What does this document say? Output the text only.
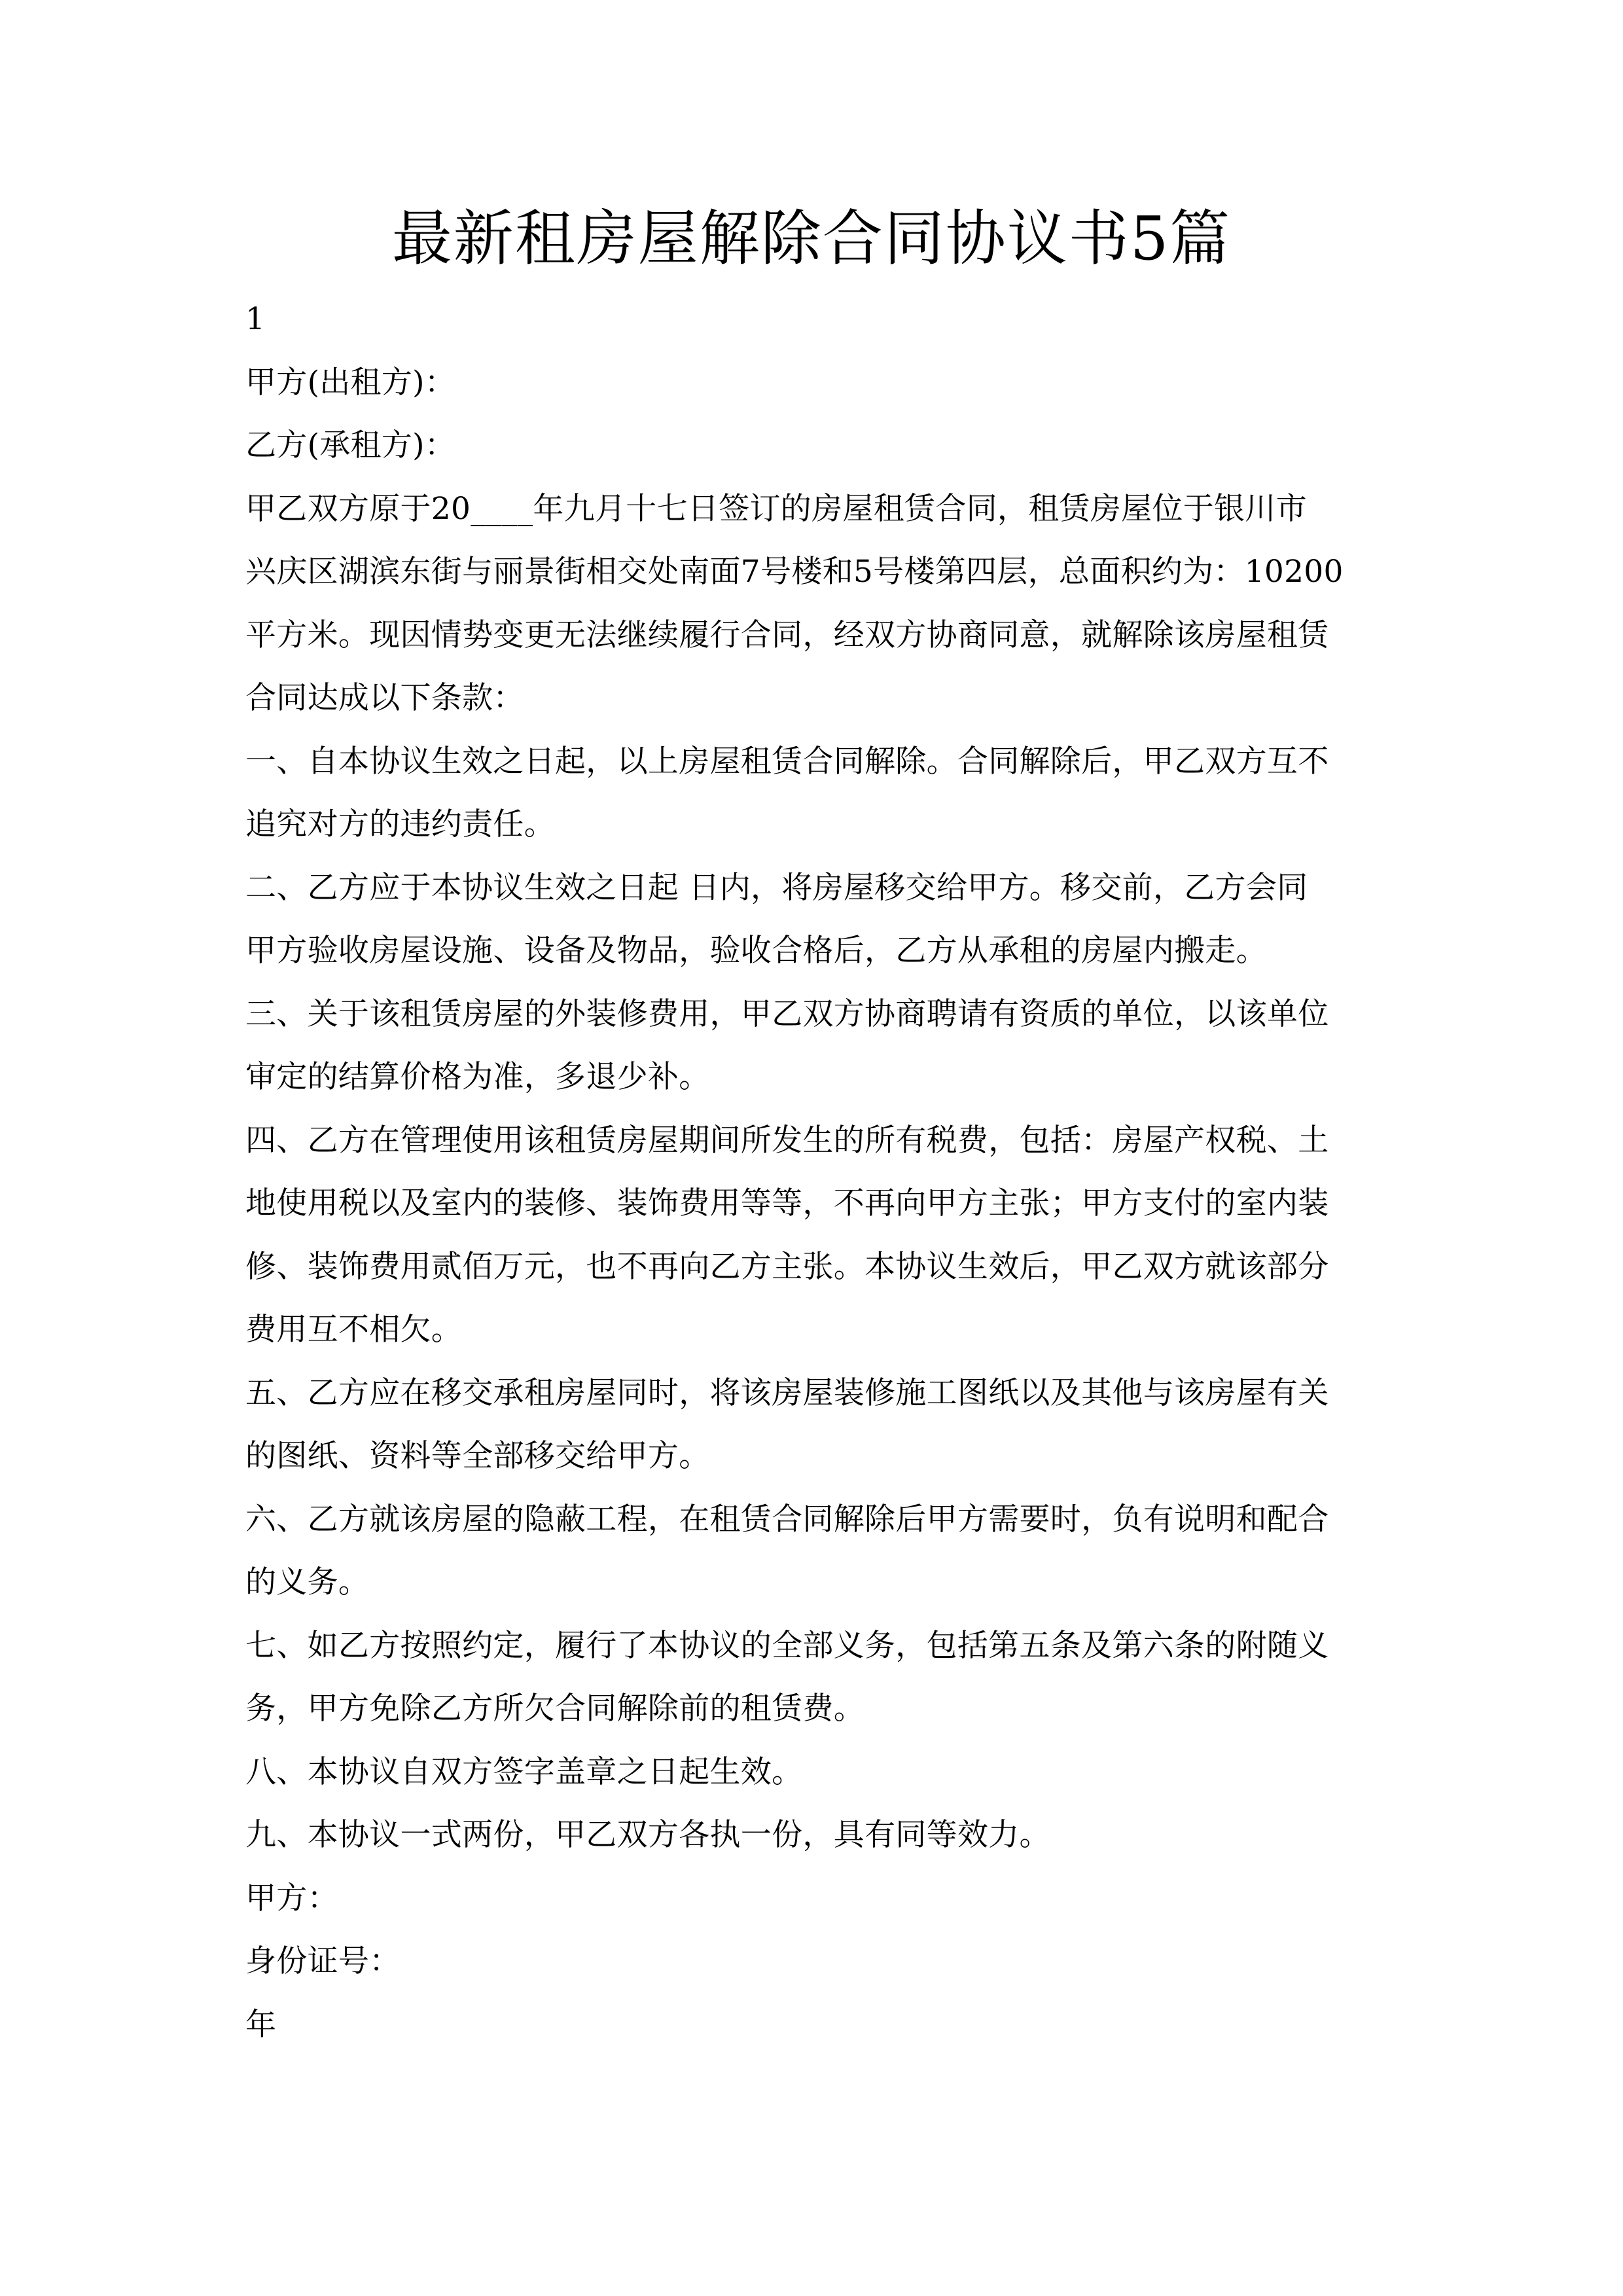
最新租房屋解除合同协议书5篇
1
甲方(出租方)：
乙方(承租方)：
甲乙双方原于20____年九月十七日签订的房屋租赁合同，租赁房屋位于银川市
兴庆区湖滨东街与丽景街相交处南面7号楼和5号楼第四层，总面积约为：10200
平方米。现因情势变更无法继续履行合同，经双方协商同意，就解除该房屋租赁
合同达成以下条款：
一、自本协议生效之日起，以上房屋租赁合同解除。合同解除后，甲乙双方互不
追究对方的违约责任。
二、乙方应于本协议生效之日起 日内，将房屋移交给甲方。移交前，乙方会同
甲方验收房屋设施、设备及物品，验收合格后，乙方从承租的房屋内搬走。
三、关于该租赁房屋的外装修费用，甲乙双方协商聘请有资质的单位，以该单位
审定的结算价格为准，多退少补。
四、乙方在管理使用该租赁房屋期间所发生的所有税费，包括：房屋产权税、土
地使用税以及室内的装修、装饰费用等等，不再向甲方主张；甲方支付的室内装
修、装饰费用贰佰万元，也不再向乙方主张。本协议生效后，甲乙双方就该部分
费用互不相欠。
五、乙方应在移交承租房屋同时，将该房屋装修施工图纸以及其他与该房屋有关
的图纸、资料等全部移交给甲方。
六、乙方就该房屋的隐蔽工程，在租赁合同解除后甲方需要时，负有说明和配合
的义务。
七、如乙方按照约定，履行了本协议的全部义务，包括第五条及第六条的附随义
务，甲方免除乙方所欠合同解除前的租赁费。
八、本协议自双方签字盖章之日起生效。
九、本协议一式两份，甲乙双方各执一份，具有同等效力。
甲方：
身份证号：
年
